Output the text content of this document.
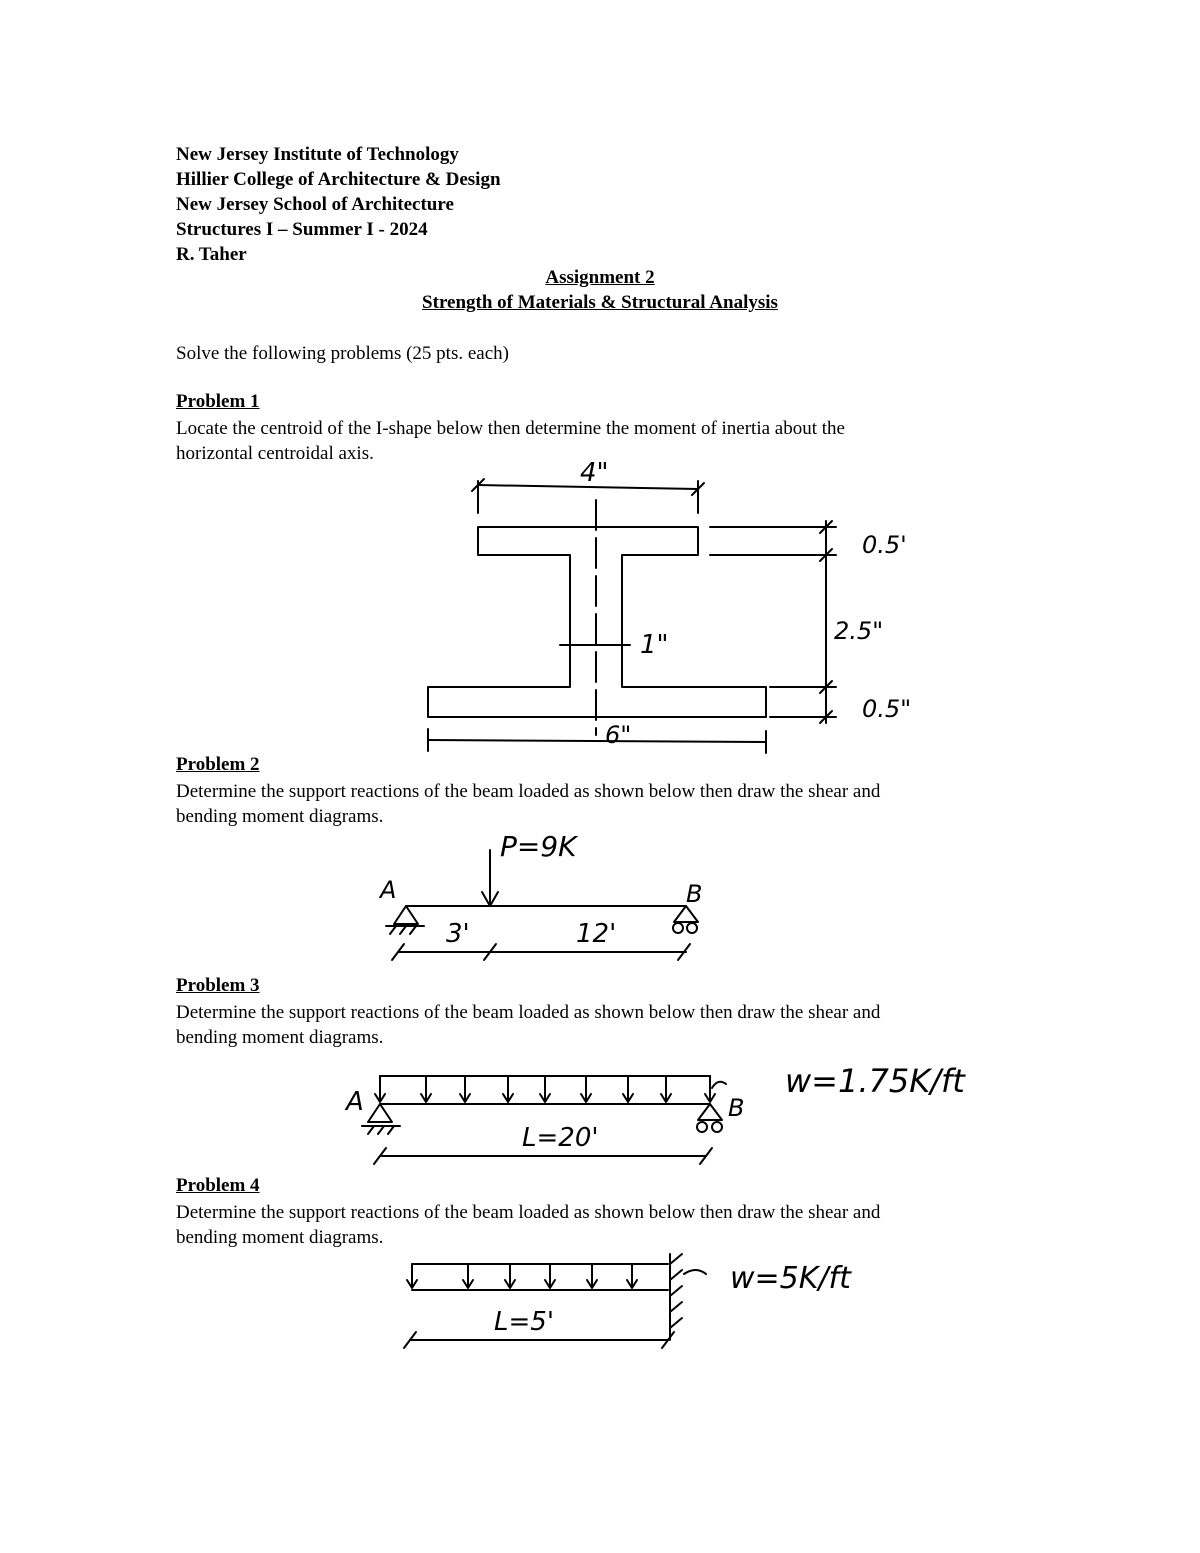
New Jersey Institute of Technology
Hillier College of Architecture & Design
New Jersey School of Architecture
Structures I – Summer I - 2024
R. Taher
Assignment 2
Strength of Materials & Structural Analysis
Solve the following problems (25 pts. each)
Problem 1
Locate the centroid of the I-shape below then determine the moment of inertia about the
horizontal centroidal axis.
4"
1"
0.5'
2.5"
0.5"
6"
Problem 2
Determine the support reactions of the beam loaded as shown below then draw the shear and
bending moment diagrams.
P=9K
A	B
3'	12'
Problem 3
Determine the support reactions of the beam loaded as shown below then draw the shear and
bending moment diagrams.
w=1.75K/ft
A	B
L=20'
Problem 4
Determine the support reactions of the beam loaded as shown below then draw the shear and
bending moment diagrams.
w=5K/ft
L=5'
